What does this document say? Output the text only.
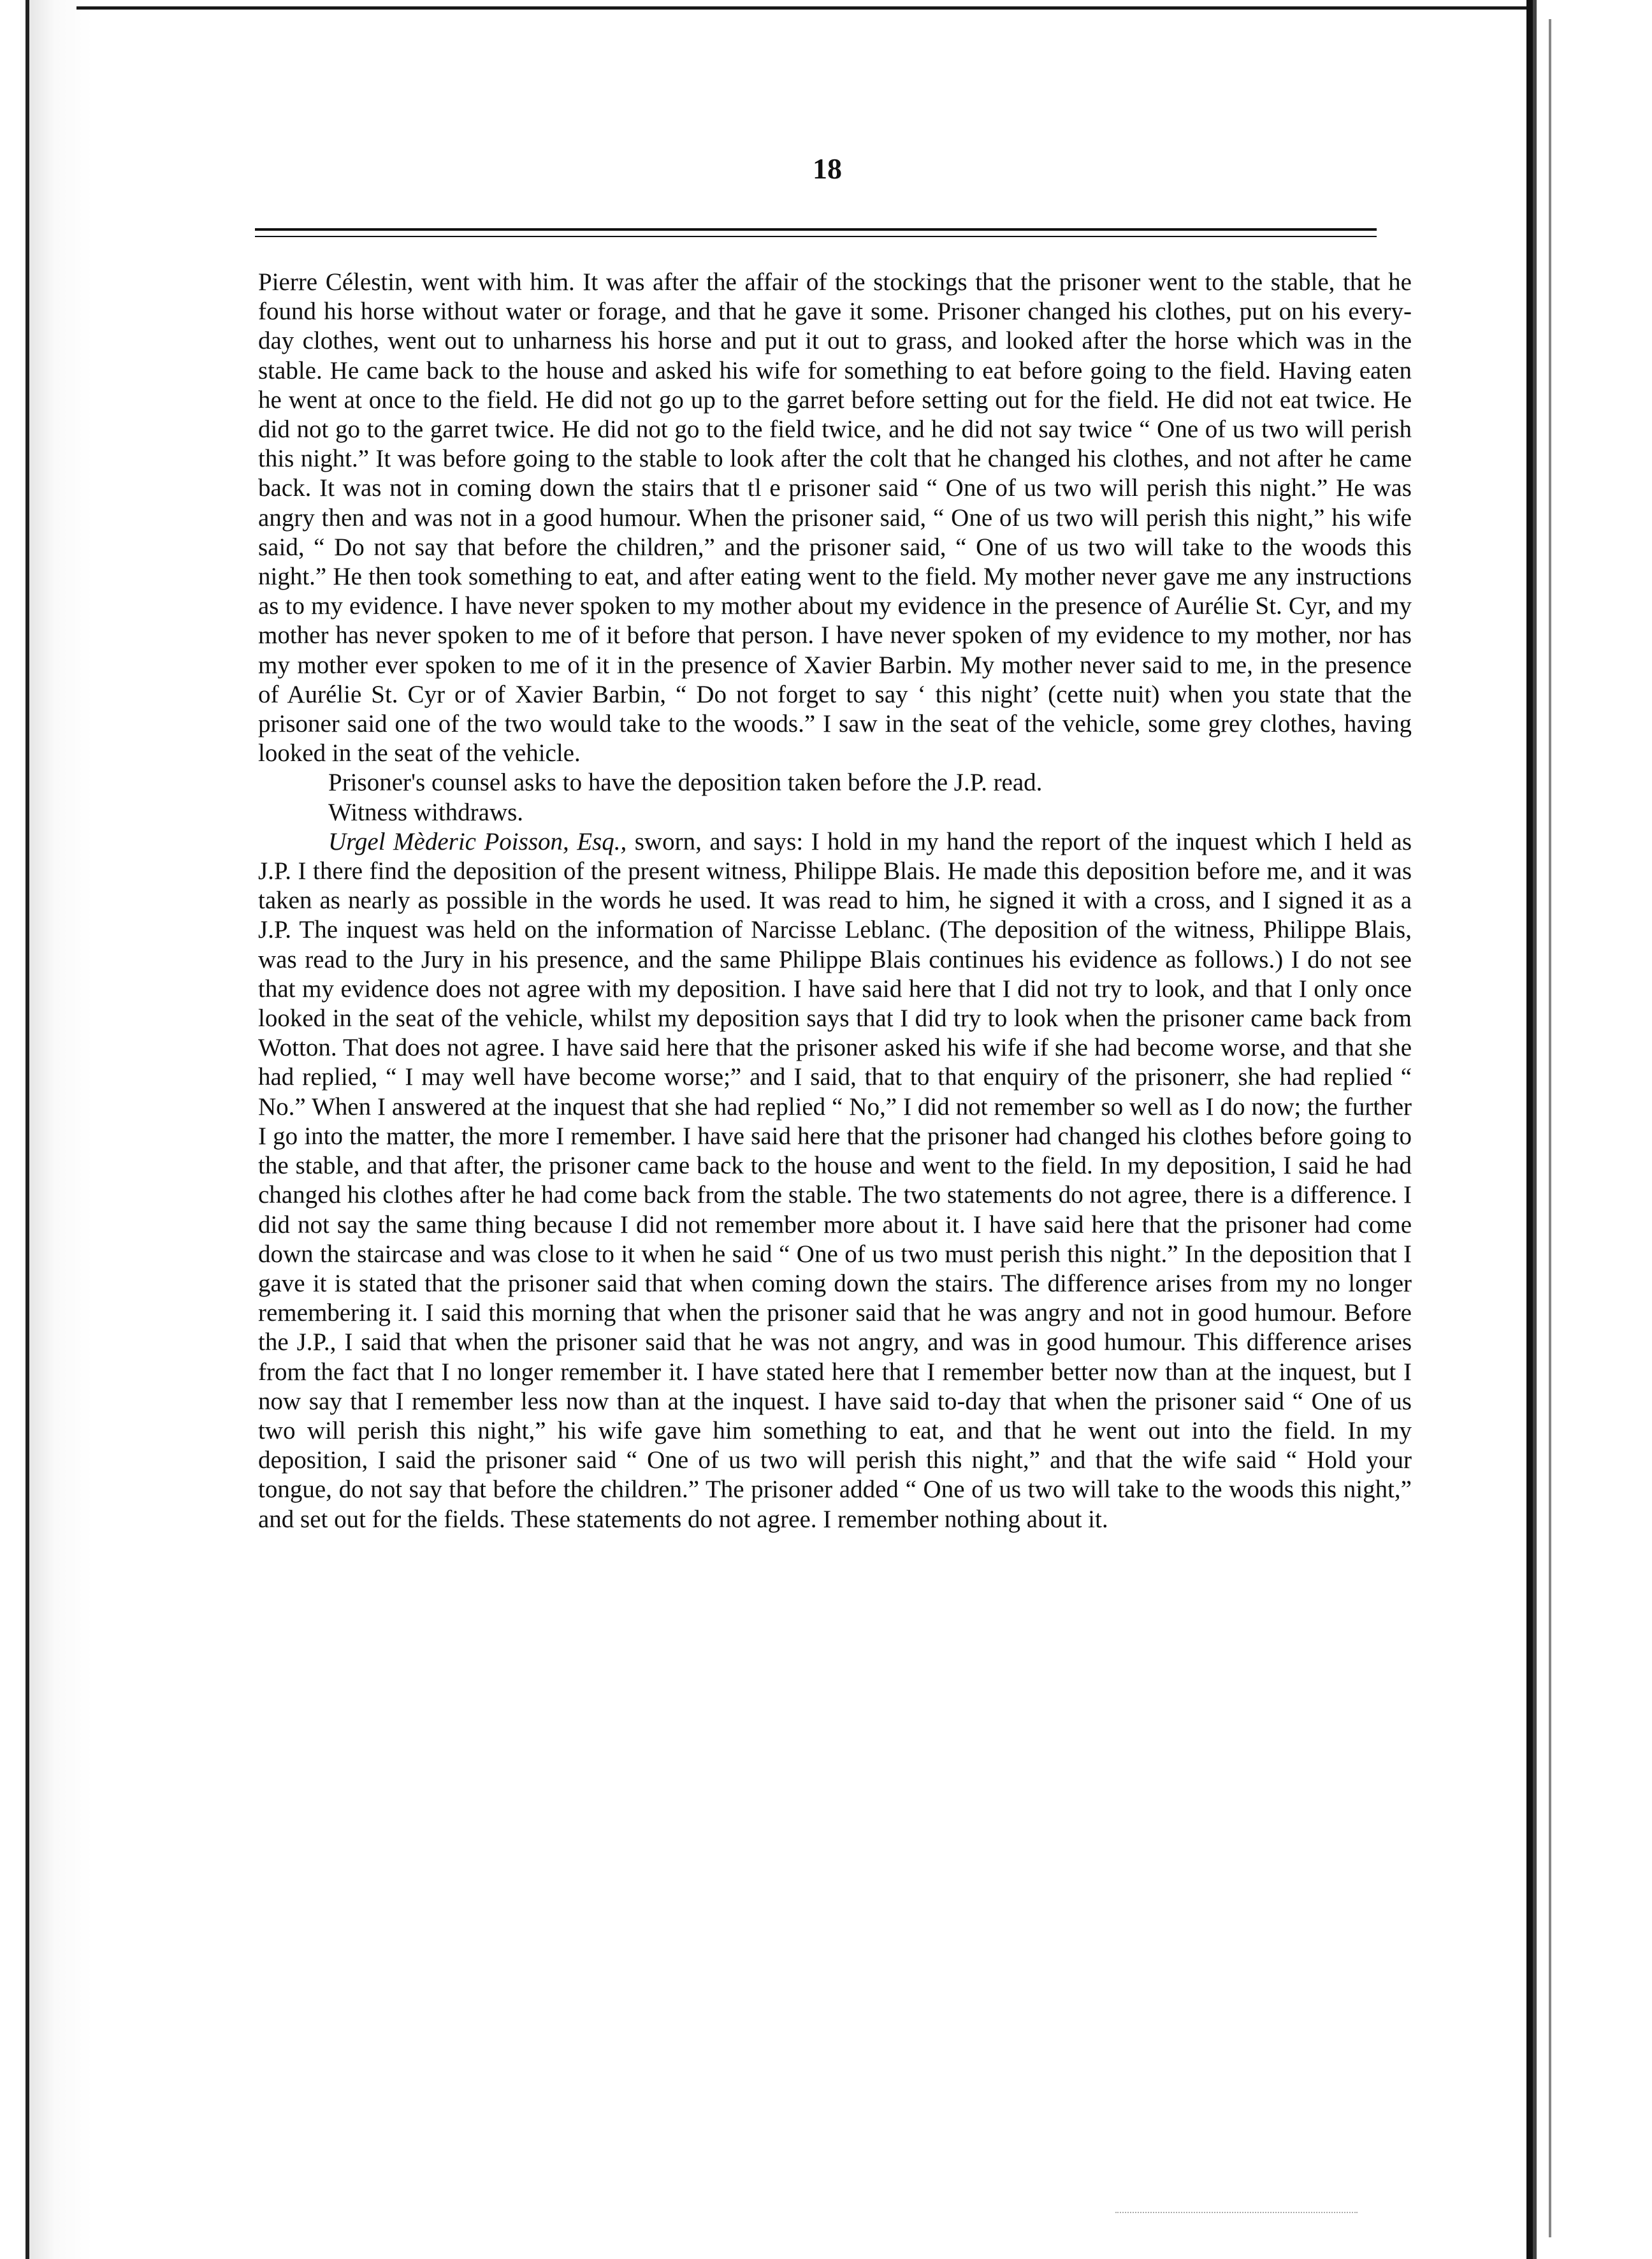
18

Pierre Célestin, went with him. It was after the affair of the stockings that the prisoner went to the stable, that he found his horse without water or forage, and that he gave it some. Prisoner changed his clothes, put on his every-day clothes, went out to unharness his horse and put it out to grass, and looked after the horse which was in the stable. He came back to the house and asked his wife for something to eat before going to the field. Having eaten he went at once to the field. He did not go up to the garret before setting out for the field. He did not eat twice. He did not go to the garret twice. He did not go to the field twice, and he did not say twice “ One of us two will perish this night.” It was before going to the stable to look after the colt that he changed his clothes, and not after he came back. It was not in coming down the stairs that tl e prisoner said “ One of us two will perish this night.” He was angry then and was not in a good humour. When the prisoner said, “ One of us two will perish this night,” his wife said, “ Do not say that before the children,” and the prisoner said, “ One of us two will take to the woods this night.” He then took something to eat, and after eating went to the field. My mother never gave me any instructions as to my evidence. I have never spoken to my mother about my evidence in the presence of Aurélie St. Cyr, and my mother has never spoken to me of it before that person. I have never spoken of my evidence to my mother, nor has my mother ever spoken to me of it in the presence of Xavier Barbin. My mother never said to me, in the presence of Aurélie St. Cyr or of Xavier Barbin, “ Do not forget to say ‘ this night’ (cette nuit) when you state that the prisoner said one of the two would take to the woods.” I saw in the seat of the vehicle, some grey clothes, having looked in the seat of the vehicle.

Prisoner's counsel asks to have the deposition taken before the J.P. read.

Witness withdraws.

Urgel Mèderic Poisson, Esq., sworn, and says: I hold in my hand the report of the inquest which I held as J.P. I there find the deposition of the present witness, Philippe Blais. He made this deposition before me, and it was taken as nearly as possible in the words he used. It was read to him, he signed it with a cross, and I signed it as a J.P. The inquest was held on the information of Narcisse Leblanc. (The deposition of the witness, Philippe Blais, was read to the Jury in his presence, and the same Philippe Blais continues his evidence as follows.) I do not see that my evidence does not agree with my deposition. I have said here that I did not try to look, and that I only once looked in the seat of the vehicle, whilst my deposition says that I did try to look when the prisoner came back from Wotton. That does not agree. I have said here that the prisoner asked his wife if she had become worse, and that she had replied, “ I may well have become worse;” and I said, that to that enquiry of the prisonerr, she had replied “ No.” When I answered at the inquest that she had replied “ No,” I did not remember so well as I do now; the further I go into the matter, the more I remember. I have said here that the prisoner had changed his clothes before going to the stable, and that after, the prisoner came back to the house and went to the field. In my deposition, I said he had changed his clothes after he had come back from the stable. The two statements do not agree, there is a difference. I did not say the same thing because I did not remember more about it. I have said here that the prisoner had come down the staircase and was close to it when he said “ One of us two must perish this night.” In the deposition that I gave it is stated that the prisoner said that when coming down the stairs. The difference arises from my no longer remembering it. I said this morning that when the prisoner said that he was angry and not in good humour. Before the J.P., I said that when the prisoner said that he was not angry, and was in good humour. This difference arises from the fact that I no longer remember it. I have stated here that I remember better now than at the inquest, but I now say that I remember less now than at the inquest. I have said to-day that when the prisoner said “ One of us two will perish this night,” his wife gave him something to eat, and that he went out into the field. In my deposition, I said the prisoner said “ One of us two will perish this night,” and that the wife said “ Hold your tongue, do not say that before the children.” The prisoner added “ One of us two will take to the woods this night,” and set out for the fields. These statements do not agree. I remember nothing about it.
